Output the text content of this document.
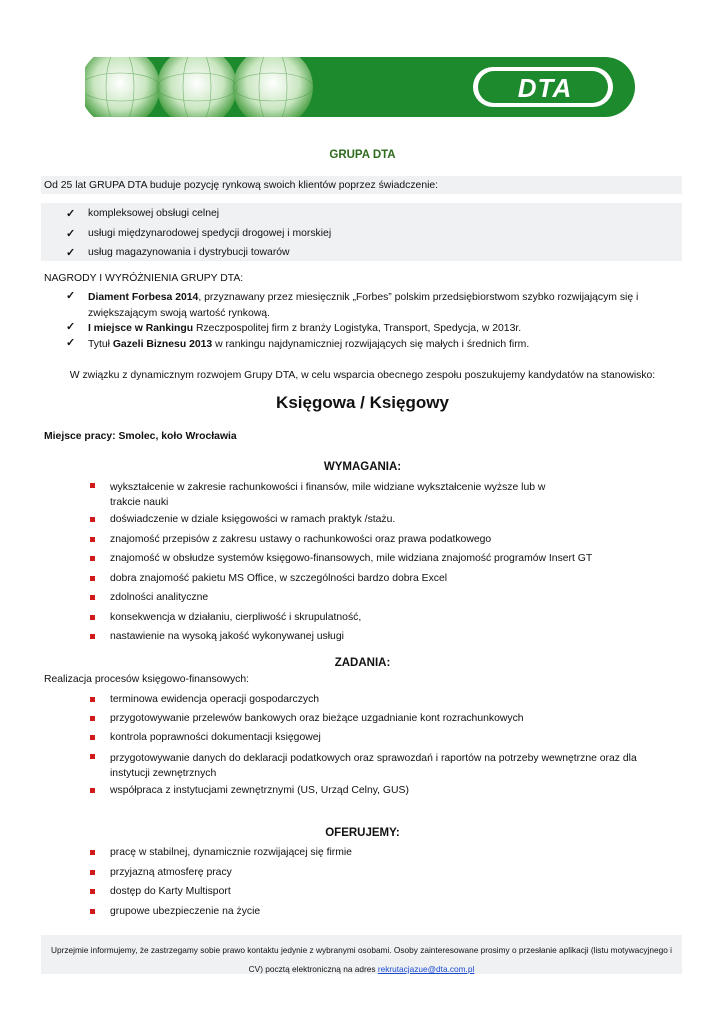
DTA
GRUPA DTA
Od 25 lat GRUPA DTA buduje pozycję rynkową swoich klientów poprzez świadczenie:
✓ kompleksowej obsługi celnej
✓ usługi międzynarodowej spedycji drogowej i morskiej
✓ usług magazynowania i dystrybucji towarów
NAGRODY I WYRÓŻNIENIA GRUPY DTA:
✓ Diament Forbesa 2014, przyznawany przez miesięcznik „Forbes” polskim przedsiębiorstwom szybko rozwijającym się i zwiększającym swoją wartość rynkową.
✓ I miejsce w Rankingu Rzeczpospolitej firm z branży Logistyka, Transport, Spedycja, w 2013r.
✓ Tytuł Gazeli Biznesu 2013 w rankingu najdynamiczniej rozwijających się małych i średnich firm.
W związku z dynamicznym rozwojem Grupy DTA, w celu wsparcia obecnego zespołu poszukujemy kandydatów na stanowisko:
Księgowa / Księgowy
Miejsce pracy: Smolec, koło Wrocławia
WYMAGANIA:
wykształcenie w zakresie rachunkowości i finansów, mile widziane wykształcenie wyższe lub w trakcie nauki
doświadczenie w dziale księgowości w ramach praktyk /stażu.
znajomość przepisów z zakresu ustawy o rachunkowości oraz prawa podatkowego
znajomość w obsłudze systemów księgowo-finansowych, mile widziana znajomość programów Insert GT
dobra znajomość pakietu MS Office, w szczególności bardzo dobra Excel
zdolności analityczne
konsekwencja w działaniu, cierpliwość i skrupulatność,
nastawienie na wysoką jakość wykonywanej usługi
ZADANIA:
Realizacja procesów księgowo-finansowych:
terminowa ewidencja operacji gospodarczych
przygotowywanie przelewów bankowych oraz bieżące uzgadnianie kont rozrachunkowych
kontrola poprawności dokumentacji księgowej
przygotowywanie danych do deklaracji podatkowych oraz sprawozdań i raportów na potrzeby wewnętrzne oraz dla instytucji zewnętrznych
współpraca z instytucjami zewnętrznymi (US, Urząd Celny, GUS)
OFERUJEMY:
pracę w stabilnej, dynamicznie rozwijającej się firmie
przyjazną atmosferę pracy
dostęp do Karty Multisport
grupowe ubezpieczenie na życie
Uprzejmie informujemy, że zastrzegamy sobie prawo kontaktu jedynie z wybranymi osobami. Osoby zainteresowane prosimy o przesłanie aplikacji (listu motywacyjnego i CV) pocztą elektroniczną na adres rekrutacjazue@dta.com.pl
